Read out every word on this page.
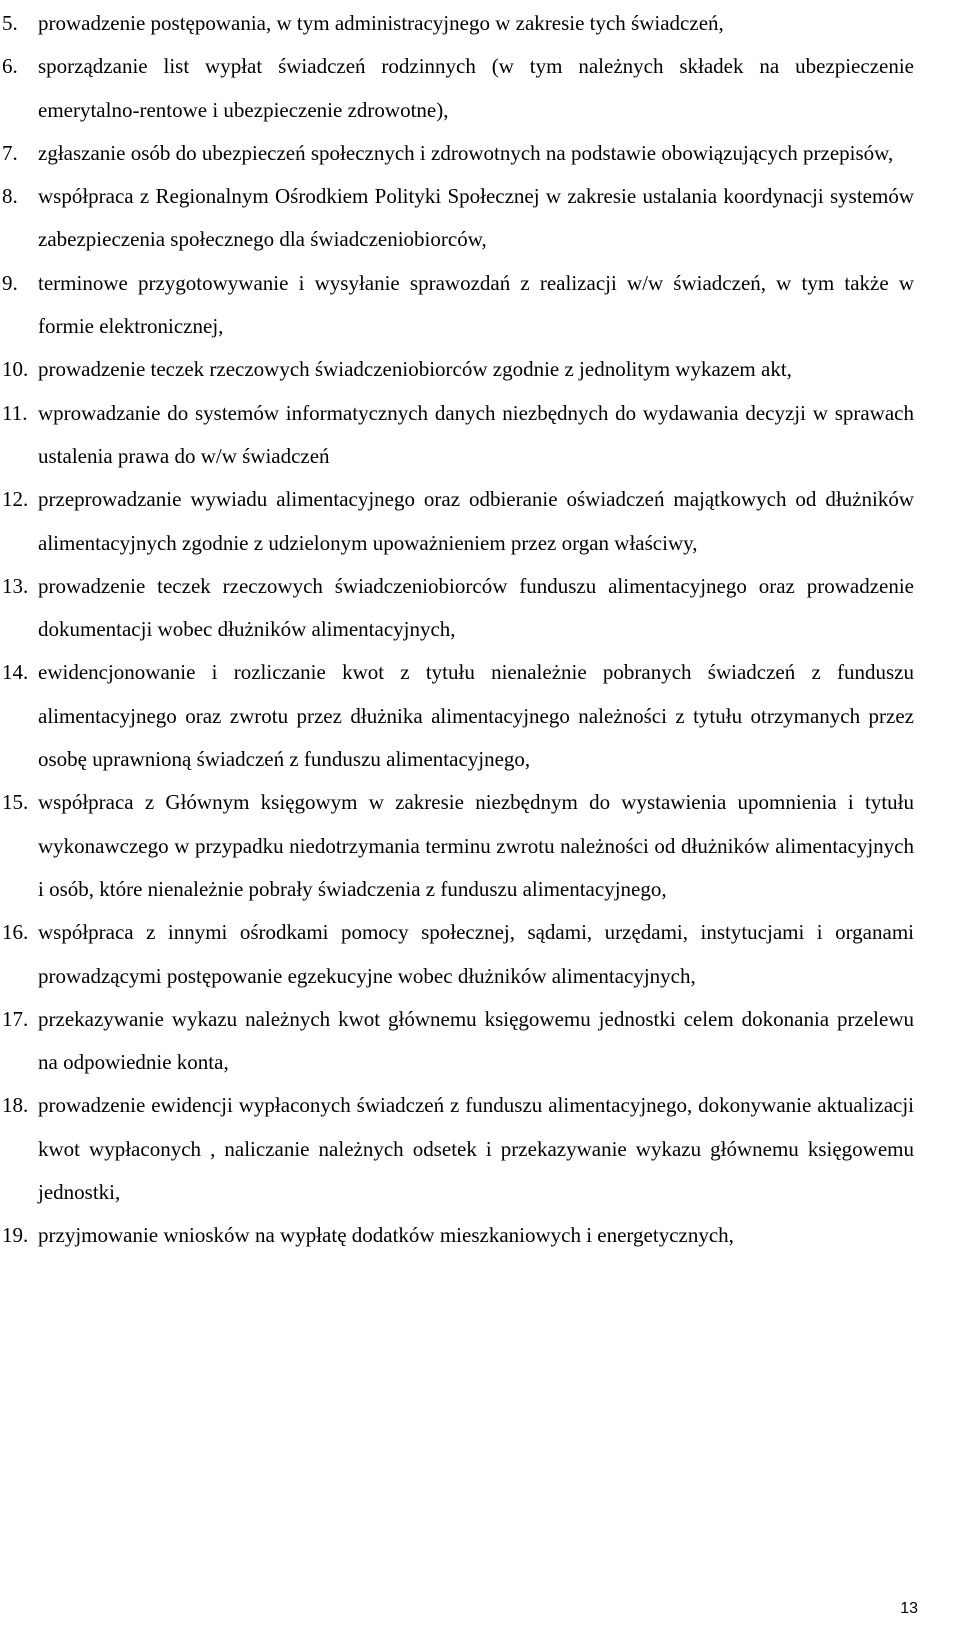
5. prowadzenie postępowania, w tym administracyjnego w zakresie tych świadczeń,
6. sporządzanie list wypłat świadczeń rodzinnych (w tym należnych składek na ubezpieczenie emerytalno-rentowe i ubezpieczenie zdrowotne),
7. zgłaszanie osób do ubezpieczeń społecznych i zdrowotnych na podstawie obowiązujących przepisów,
8. współpraca z Regionalnym Ośrodkiem Polityki Społecznej w zakresie ustalania koordynacji systemów zabezpieczenia społecznego dla świadczeniobiorców,
9. terminowe przygotowywanie i wysyłanie sprawozdań z realizacji w/w świadczeń, w tym także w formie elektronicznej,
10. prowadzenie teczek rzeczowych świadczeniobiorców zgodnie z jednolitym wykazem akt,
11. wprowadzanie do systemów informatycznych danych niezbędnych do wydawania decyzji w sprawach ustalenia prawa do w/w świadczeń
12. przeprowadzanie wywiadu alimentacyjnego oraz odbieranie oświadczeń majątkowych od dłużników alimentacyjnych zgodnie z udzielonym upoważnieniem przez organ właściwy,
13. prowadzenie teczek rzeczowych świadczeniobiorców funduszu alimentacyjnego oraz prowadzenie dokumentacji wobec dłużników alimentacyjnych,
14. ewidencjonowanie i rozliczanie kwot z tytułu nienależnie pobranych świadczeń z funduszu alimentacyjnego oraz zwrotu przez dłużnika alimentacyjnego należności z tytułu otrzymanych przez osobę uprawnioną świadczeń z funduszu alimentacyjnego,
15. współpraca z Głównym księgowym w zakresie niezbędnym do wystawienia upomnienia i tytułu wykonawczego w przypadku niedotrzymania terminu zwrotu należności od dłużników alimentacyjnych i osób, które nienależnie pobrały świadczenia z funduszu alimentacyjnego,
16. współpraca z innymi ośrodkami pomocy społecznej, sądami, urzędami, instytucjami i organami prowadzącymi postępowanie egzekucyjne wobec dłużników alimentacyjnych,
17. przekazywanie wykazu należnych kwot głównemu księgowemu jednostki celem dokonania przelewu na odpowiednie konta,
18. prowadzenie ewidencji wypłaconych świadczeń z funduszu alimentacyjnego, dokonywanie aktualizacji kwot wypłaconych , naliczanie należnych odsetek i przekazywanie wykazu głównemu księgowemu jednostki,
19. przyjmowanie wniosków na wypłatę dodatków mieszkaniowych i energetycznych,
13
